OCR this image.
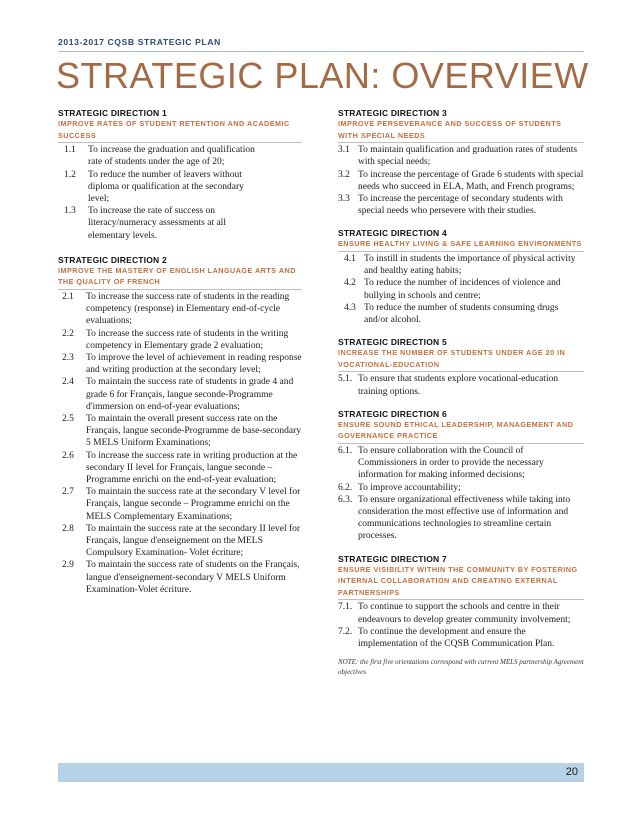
2013-2017 CQSB STRATEGIC PLAN
STRATEGIC PLAN: OVERVIEW
STRATEGIC DIRECTION 1
IMPROVE RATES OF STUDENT RETENTION AND ACADEMIC SUCCESS
1.1	To increase the graduation and qualification rate of students under the age of 20;
1.2	To reduce the number of leavers without diploma or qualification at the secondary level;
1.3	To increase the rate of success on literacy/numeracy assessments at all elementary levels.
STRATEGIC DIRECTION 2
IMPROVE THE MASTERY OF ENGLISH LANGUAGE ARTS AND THE QUALITY OF FRENCH
2.1	To increase the success rate of students in the reading competency (response) in Elementary end-of-cycle evaluations;
2.2	To increase the success rate of students in the writing competency in Elementary grade 2 evaluation;
2.3	To improve the level of achievement in reading response and writing production at the secondary level;
2.4	To maintain the success rate of students in grade 4 and grade 6 for Français, langue seconde-Programme d'immersion on end-of-year evaluations;
2.5	To maintain the overall present success rate on the Français, langue seconde-Programme de base-secondary 5 MELS Uniform Examinations;
2.6	To increase the success rate in writing production at the secondary II level for Français, langue seconde – Programme enrichi on the end-of-year evaluation;
2.7	To maintain the success rate at the secondary V level for Français, langue seconde – Programme enrichi on the MELS Complementary Examinations;
2.8	To maintain the success rate at the secondary II level for Français, langue d'enseignement on the MELS Compulsory Examination- Volet écriture;
2.9	To maintain the success rate of students on the Français, langue d'enseignement-secondary V MELS Uniform Examination-Volet écriture.
STRATEGIC DIRECTION 3
IMPROVE PERSEVERANCE AND SUCCESS OF STUDENTS WITH SPECIAL NEEDS
3.1 To maintain qualification and graduation rates of students with special needs;
3.2 To increase the percentage of Grade 6 students with special needs who succeed in ELA, Math, and French programs;
3.3 To increase the percentage of secondary students with special needs who persevere with their studies.
STRATEGIC DIRECTION 4
ENSURE HEALTHY LIVING & SAFE LEARNING ENVIRONMENTS
4.1 To instill in students the importance of physical activity and healthy eating habits;
4.2 To reduce the number of incidences of violence and bullying in schools and centre;
4.3 To reduce the number of students consuming drugs and/or alcohol.
STRATEGIC DIRECTION 5
INCREASE THE NUMBER OF STUDENTS UNDER AGE 20 IN VOCATIONAL-EDUCATION
5.1. To ensure that students explore vocational-education training options.
STRATEGIC DIRECTION 6
ENSURE SOUND ETHICAL LEADERSHIP, MANAGEMENT AND GOVERNANCE PRACTICE
6.1. To ensure collaboration with the Council of Commissioners in order to provide the necessary information for making informed decisions;
6.2. To improve accountability;
6.3. To ensure organizational effectiveness while taking into consideration the most effective use of information and communications technologies to streamline certain processes.
STRATEGIC DIRECTION 7
ENSURE VISIBILITY WITHIN THE COMMUNITY BY FOSTERING INTERNAL COLLABORATION AND CREATING EXTERNAL PARTNERSHIPS
7.1. To continue to support the schools and centre in their endeavours to develop greater community involvement;
7.2. To continue the development and ensure the implementation of the CQSB Communication Plan.
NOTE: the first five orientations correspond with current MELS partnership Agreement objectives
20
